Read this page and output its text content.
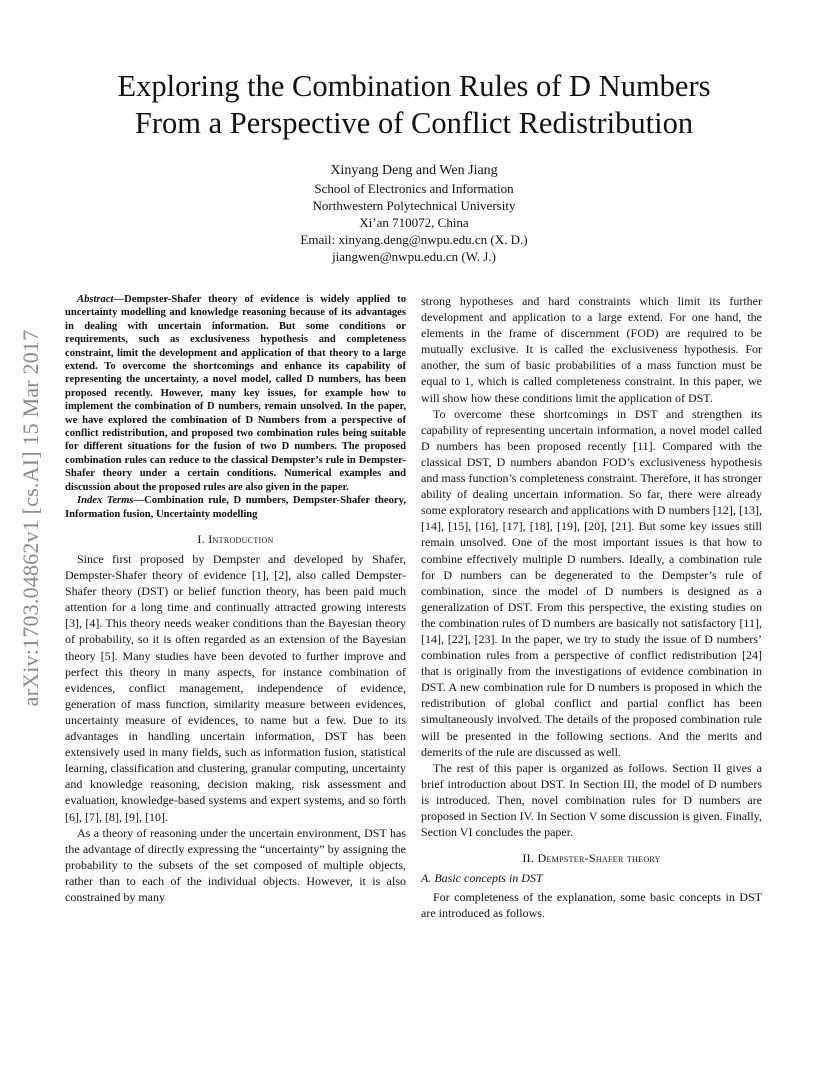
arXiv:1703.04862v1 [cs.AI] 15 Mar 2017
Exploring the Combination Rules of D Numbers
From a Perspective of Conflict Redistribution
Xinyang Deng and Wen Jiang
School of Electronics and Information
Northwestern Polytechnical University
Xi’an 710072, China
Email: xinyang.deng@nwpu.edu.cn (X. D.)
jiangwen@nwpu.edu.cn (W. J.)

Abstract—Dempster-Shafer theory of evidence is widely applied to uncertainty modelling and knowledge reasoning because of its advantages in dealing with uncertain information. But some conditions or requirements, such as exclusiveness hypothesis and completeness constraint, limit the development and application of that theory to a large extend. To overcome the shortcomings and enhance its capability of representing the uncertainty, a novel model, called D numbers, has been proposed recently. However, many key issues, for example how to implement the combination of D numbers, remain unsolved. In the paper, we have explored the combination of D Numbers from a perspective of conflict redistribution, and proposed two combination rules being suitable for different situations for the fusion of two D numbers. The proposed combination rules can reduce to the classical Dempster’s rule in Dempster-Shafer theory under a certain conditions. Numerical examples and discussion about the proposed rules are also given in the paper.

Index Terms—Combination rule, D numbers, Dempster-Shafer theory, Information fusion, Uncertainty modelling

I. Introduction

Since first proposed by Dempster and developed by Shafer, Dempster-Shafer theory of evidence [1], [2], also called Dempster-Shafer theory (DST) or belief function theory, has been paid much attention for a long time and continually attracted growing interests [3], [4]. This theory needs weaker conditions than the Bayesian theory of probability, so it is often regarded as an extension of the Bayesian theory [5]. Many studies have been devoted to further improve and perfect this theory in many aspects, for instance combination of evidences, conflict management, independence of evidence, generation of mass function, similarity measure between evidences, uncertainty measure of evidences, to name but a few. Due to its advantages in handling uncertain information, DST has been extensively used in many fields, such as information fusion, statistical learning, classification and clustering, granular computing, uncertainty and knowledge reasoning, decision making, risk assessment and evaluation, knowledge-based systems and expert systems, and so forth [6], [7], [8], [9], [10].

As a theory of reasoning under the uncertain environment, DST has the advantage of directly expressing the “uncertainty” by assigning the probability to the subsets of the set composed of multiple objects, rather than to each of the individual objects. However, it is also constrained by many

strong hypotheses and hard constraints which limit its further development and application to a large extend. For one hand, the elements in the frame of discernment (FOD) are required to be mutually exclusive. It is called the exclusiveness hypothesis. For another, the sum of basic probabilities of a mass function must be equal to 1, which is called completeness constraint. In this paper, we will show how these conditions limit the application of DST.

To overcome these shortcomings in DST and strengthen its capability of representing uncertain information, a novel model called D numbers has been proposed recently [11]. Compared with the classical DST, D numbers abandon FOD’s exclusiveness hypothesis and mass function’s completeness constraint. Therefore, it has stronger ability of dealing uncertain information. So far, there were already some exploratory research and applications with D numbers [12], [13], [14], [15], [16], [17], [18], [19], [20], [21]. But some key issues still remain unsolved. One of the most important issues is that how to combine effectively multiple D numbers. Ideally, a combination rule for D numbers can be degenerated to the Dempster’s rule of combination, since the model of D numbers is designed as a generalization of DST. From this perspective, the existing studies on the combination rules of D numbers are basically not satisfactory [11], [14], [22], [23]. In the paper, we try to study the issue of D numbers’ combination rules from a perspective of conflict redistribution [24] that is originally from the investigations of evidence combination in DST. A new combination rule for D numbers is proposed in which the redistribution of global conflict and partial conflict has been simultaneously involved. The details of the proposed combination rule will be presented in the following sections. And the merits and demerits of the rule are discussed as well.

The rest of this paper is organized as follows. Section II gives a brief introduction about DST. In Section III, the model of D numbers is introduced. Then, novel combination rules for D numbers are proposed in Section IV. In Section V some discussion is given. Finally, Section VI concludes the paper.

II. Dempster-Shafer theory
A. Basic concepts in DST

For completeness of the explanation, some basic concepts in DST are introduced as follows.
